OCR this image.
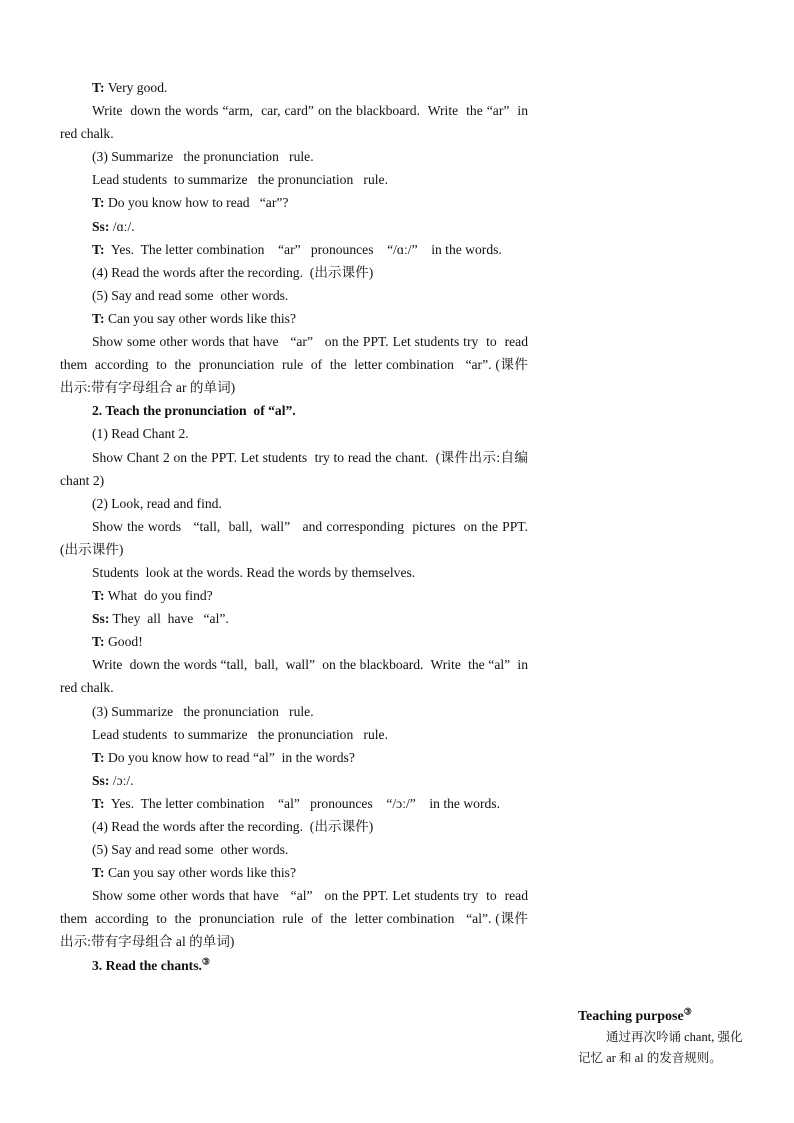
T: Very good.

Write  down the words “arm,  car, card” on the blackboard.  Write  the “ar”  in  red chalk.

(3) Summarize   the pronunciation   rule.

Lead students  to summarize   the pronunciation   rule.

T: Do you know how to read   “ar”?

Ss: /ɑː/.

T:  Yes.  The letter combination    “ar”   pronounces    “/ɑː/”    in the words.

(4) Read the words after the recording.  (出示课件)

(5) Say and read some  other words.

T: Can you say other words like this?

Show some other words that have   “ar”   on the PPT. Let students try  to  read  them  according  to  the  pronunciation  rule  of  the  letter combination   “ar”. (课件出示:带有字母组合 ar 的单词)

2. Teach the pronunciation  of “al”.

(1) Read Chant 2.

Show Chant 2 on the PPT. Let students  try to read the chant.  (课件出示:自编 chant 2)

(2) Look, read and find.

Show the words   “tall,  ball,  wall”   and corresponding  pictures  on the PPT. (出示课件)

Students  look at the words. Read the words by themselves.

T: What  do you find?

Ss: They  all  have   “al”.

T: Good!

Write  down the words “tall,  ball,  wall”  on the blackboard.  Write  the “al”  in  red chalk.

(3) Summarize   the pronunciation   rule.

Lead students  to summarize   the pronunciation   rule.

T: Do you know how to read “al”  in the words?

Ss: /ɔː/.

T:  Yes.  The letter combination    “al”   pronounces    “/ɔː/”    in the words.

(4) Read the words after the recording.  (出示课件)

(5) Say and read some  other words.

T: Can you say other words like this?

Show some other words that have   “al”   on the PPT. Let students try  to  read  them  according  to  the  pronunciation  rule  of  the  letter combination   “al”. (课件出示:带有字母组合 al 的单词)

3. Read the chants.③

Teaching purpose③

通过再次吟诵 chant, 强化记忆 ar 和 al 的发音规则。
